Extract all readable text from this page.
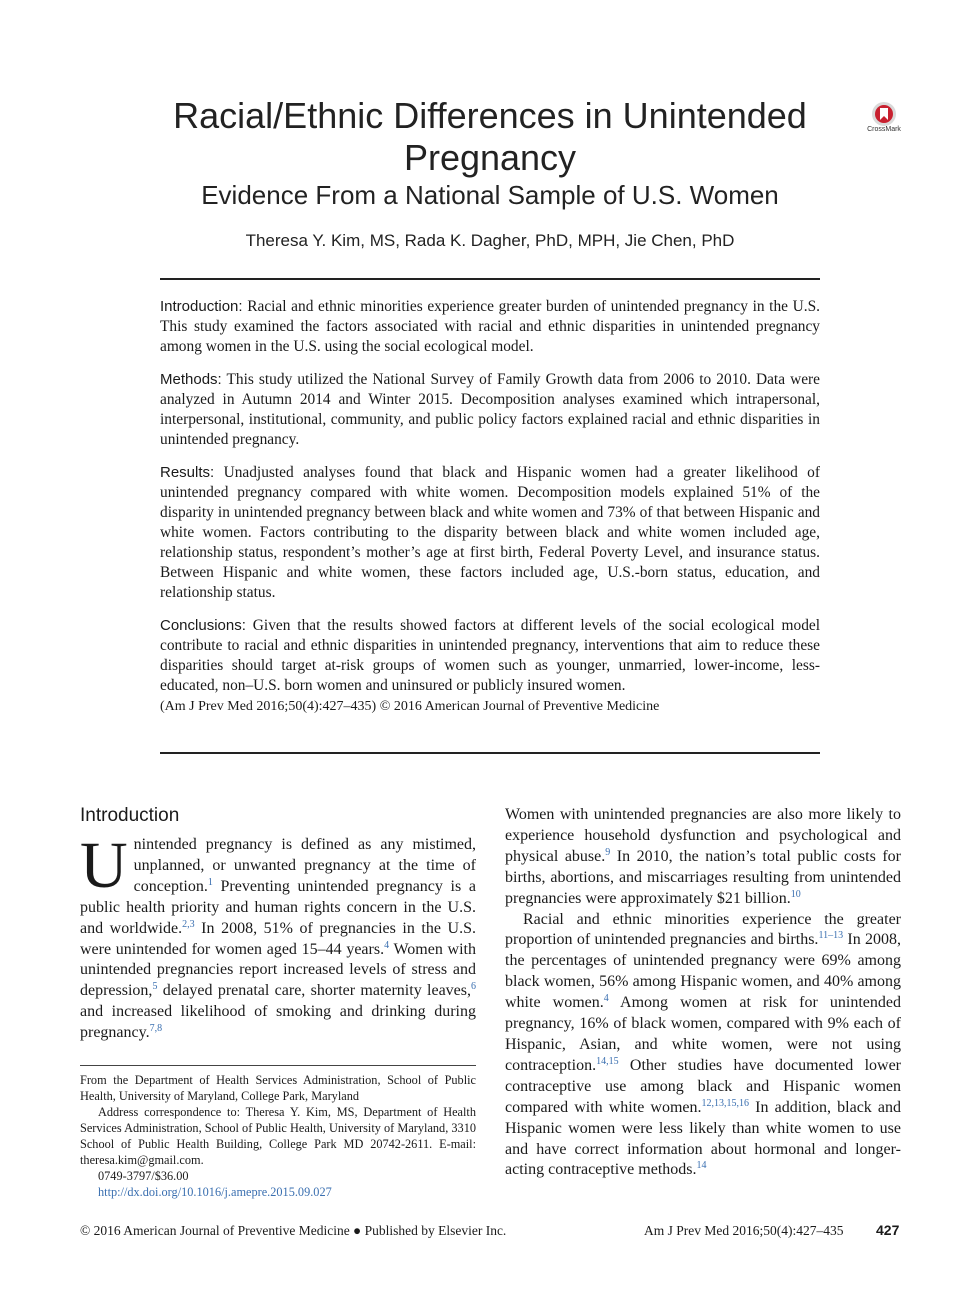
Racial/Ethnic Differences in Unintended Pregnancy
CrossMark
Evidence From a National Sample of U.S. Women
Theresa Y. Kim, MS, Rada K. Dagher, PhD, MPH, Jie Chen, PhD

Introduction: Racial and ethnic minorities experience greater burden of unintended pregnancy in the U.S. This study examined the factors associated with racial and ethnic disparities in unintended pregnancy among women in the U.S. using the social ecological model.

Methods: This study utilized the National Survey of Family Growth data from 2006 to 2010. Data were analyzed in Autumn 2014 and Winter 2015. Decomposition analyses examined which intrapersonal, interpersonal, institutional, community, and public policy factors explained racial and ethnic disparities in unintended pregnancy.

Results: Unadjusted analyses found that black and Hispanic women had a greater likelihood of unintended pregnancy compared with white women. Decomposition models explained 51% of the disparity in unintended pregnancy between black and white women and 73% of that between Hispanic and white women. Factors contributing to the disparity between black and white women included age, relationship status, respondent’s mother’s age at first birth, Federal Poverty Level, and insurance status. Between Hispanic and white women, these factors included age, U.S.-born status, education, and relationship status.

Conclusions: Given that the results showed factors at different levels of the social ecological model contribute to racial and ethnic disparities in unintended pregnancy, interventions that aim to reduce these disparities should target at-risk groups of women such as younger, unmarried, lower-income, less-educated, non–U.S. born women and uninsured or publicly insured women.

(Am J Prev Med 2016;50(4):427–435) © 2016 American Journal of Preventive Medicine

Introduction

Unintended pregnancy is defined as any mistimed, unplanned, or unwanted pregnancy at the time of conception.$^1$ Preventing unintended pregnancy is a public health priority and human rights concern in the U.S. and worldwide.$^{2,3}$ In 2008, 51% of pregnancies in the U.S. were unintended for women aged 15–44 years.$^4$ Women with unintended pregnancies report increased levels of stress and depression,$^5$ delayed prenatal care, shorter maternity leaves,$^6$ and increased likelihood of smoking and drinking during pregnancy.$^{7,8}$

From the Department of Health Services Administration, School of Public Health, University of Maryland, College Park, Maryland

Address correspondence to: Theresa Y. Kim, MS, Department of Health Services Administration, School of Public Health, University of Maryland, 3310 School of Public Health Building, College Park MD 20742-2611. E-mail: theresa.kim@gmail.com.

0749-3797/$36.00

http://dx.doi.org/10.1016/j.amepre.2015.09.027

Women with unintended pregnancies are also more likely to experience household dysfunction and psychological and physical abuse.$^9$ In 2010, the nation’s total public costs for births, abortions, and miscarriages resulting from unintended pregnancies were approximately $21 billion.$^{10}$

Racial and ethnic minorities experience the greater proportion of unintended pregnancies and births.$^{11-13}$ In 2008, the percentages of unintended pregnancy were 69% among black women, 56% among Hispanic women, and 40% among white women.$^4$ Among women at risk for unintended pregnancy, 16% of black women, compared with 9% each of Hispanic, Asian, and white women, were not using contraception.$^{14,15}$ Other studies have documented lower contraceptive use among black and Hispanic women compared with white women.$^{12,13,15,16}$ In addition, black and Hispanic women were less likely than white women to use and have correct information about hormonal and longer-acting contraceptive methods.$^{14}$

© 2016 American Journal of Preventive Medicine ● Published by Elsevier Inc.	Am J Prev Med 2016;50(4):427–435 427
